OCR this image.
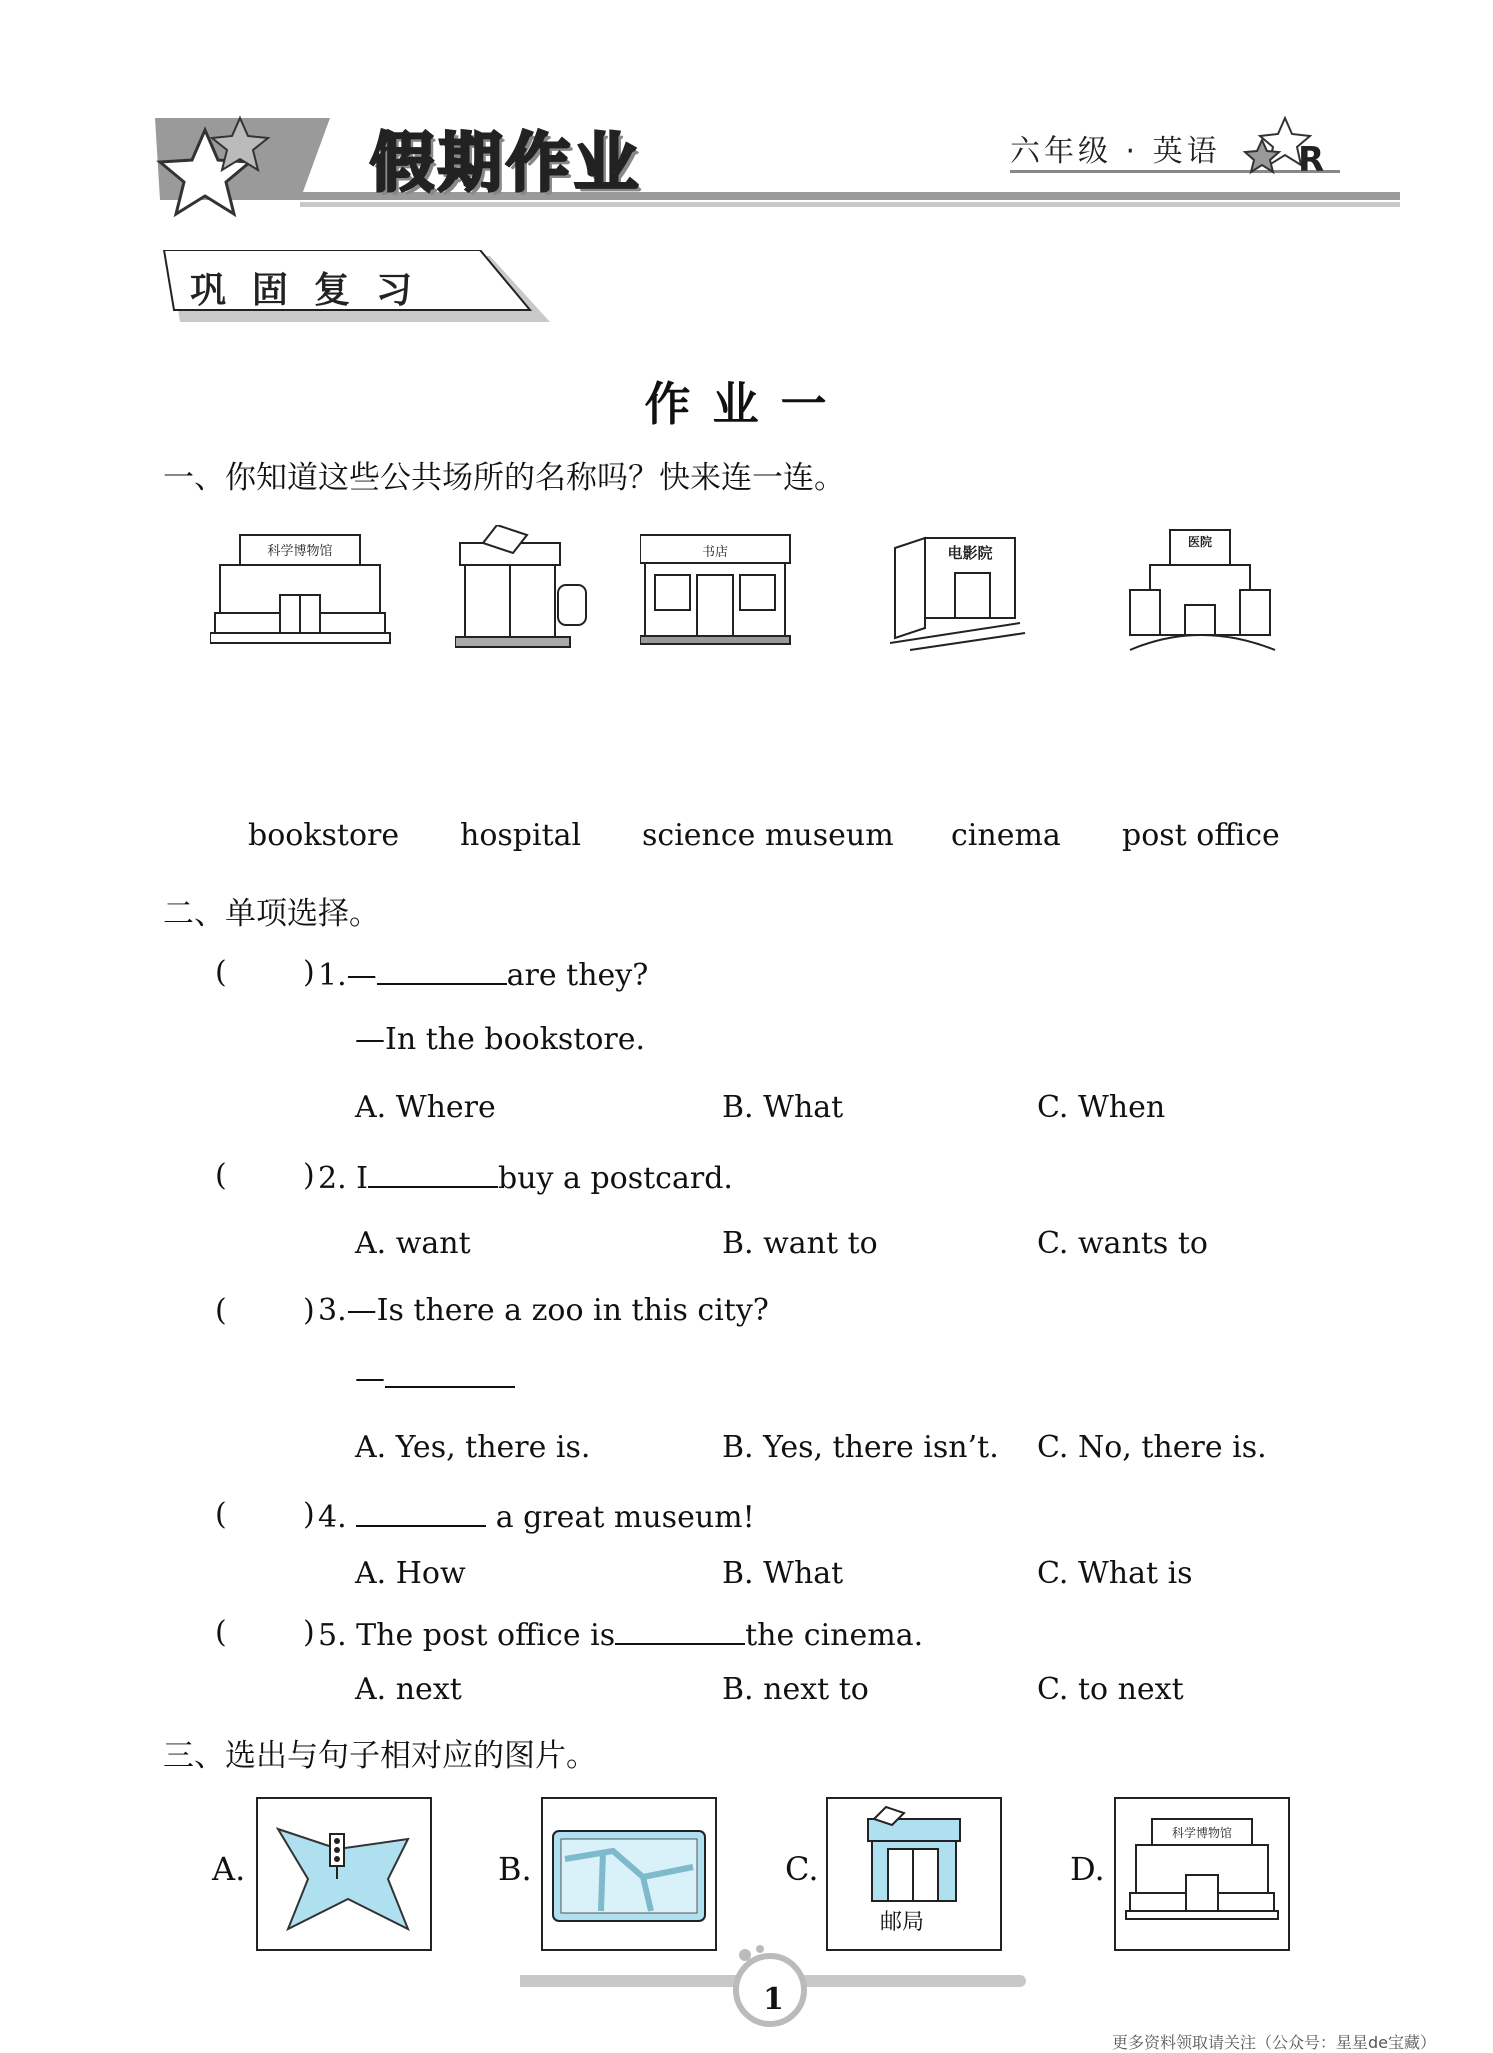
假期作业	六年级 · 英语 R
巩固复习
作业一
一、你知道这些公共场所的名称吗？快来连一连。
科学博物馆	书店	电影院
医院
bookstore hospital science museum cinema post office
二、单项选择。
(	) 1.—	are they?
—In the bookstore.
A. Where	B. What	C. When
(	) 2. I	buy a postcard.
A. want	B. want to	C. wants to
(	) 3.—Is there a zoo in this city?
—
A. Yes, there is.	B. Yes, there isn’t. C. No, there is.
(	) 4.	a great museum!
A. How	B. What	C. What is
(	) 5. The post office is	the cinema.
A. next	B. next to	C. to next
三、选出与句子相对应的图片。
A.	B.	C.
邮局
D.
科学博物馆
1
更多资料领取请关注（公众号：星星de宝藏）
